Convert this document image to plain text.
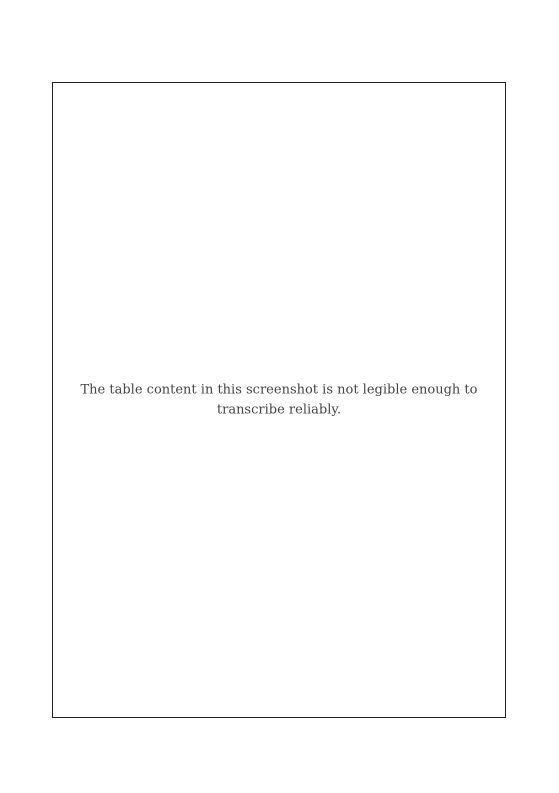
The table content in this screenshot is not legible enough to transcribe reliably.
